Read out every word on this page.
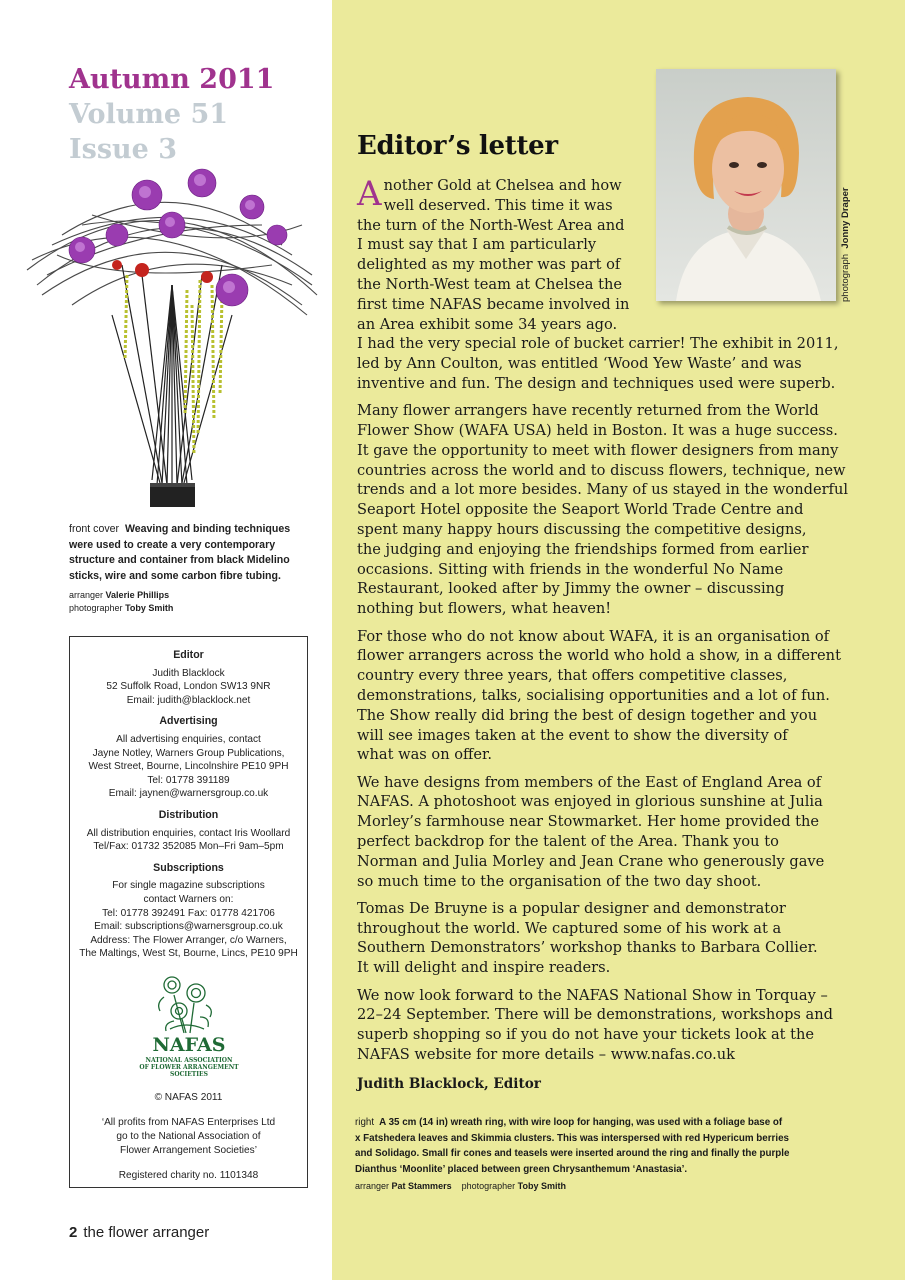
Autumn 2011
Volume 51
Issue 3
front cover Weaving and binding techniques
were used to create a very contemporary
structure and container from black Midelino
sticks, wire and some carbon fibre tubing.
arranger Valerie Phillips
photographer Toby Smith
Editor
Judith Blacklock
52 Suffolk Road, London SW13 9NR
Email: judith@blacklock.net
Advertising
All advertising enquiries, contact
Jayne Notley, Warners Group Publications,
West Street, Bourne, Lincolnshire PE10 9PH
Tel: 01778 391189
Email: jaynen@warnersgroup.co.uk
Distribution
All distribution enquiries, contact Iris Woollard
Tel/Fax: 01732 352085 Mon–Fri 9am–5pm
Subscriptions
For single magazine subscriptions
contact Warners on:
Tel: 01778 392491 Fax: 01778 421706
Email: subscriptions@warnersgroup.co.uk
Address: The Flower Arranger, c/o Warners,
The Maltings, West St, Bourne, Lincs, PE10 9PH
NAFAS
NATIONAL ASSOCIATION
OF FLOWER ARRANGEMENT
SOCIETIES
© NAFAS 2011
‘All profits from NAFAS Enterprises Ltd
go to the National Association of
Flower Arrangement Societies’
Registered charity no. 1101348
2 the flower arranger
photograph  Jonny Draper
Editor’s letter
A nother Gold at Chelsea and how
well deserved. This time it was
the turn of the North-West Area and
I must say that I am particularly
delighted as my mother was part of
the North-West team at Chelsea the
first time NAFAS became involved in
an Area exhibit some 34 years ago.
I had the very special role of bucket carrier! The exhibit in 2011,
led by Ann Coulton, was entitled ‘Wood Yew Waste’ and was
inventive and fun. The design and techniques used were superb.
Many flower arrangers have recently returned from the World
Flower Show (WAFA USA) held in Boston. It was a huge success.
It gave the opportunity to meet with flower designers from many
countries across the world and to discuss flowers, technique, new
trends and a lot more besides. Many of us stayed in the wonderful
Seaport Hotel opposite the Seaport World Trade Centre and
spent many happy hours discussing the competitive designs,
the judging and enjoying the friendships formed from earlier
occasions. Sitting with friends in the wonderful No Name
Restaurant, looked after by Jimmy the owner – discussing
nothing but flowers, what heaven!
For those who do not know about WAFA, it is an organisation of
flower arrangers across the world who hold a show, in a different
country every three years, that offers competitive classes,
demonstrations, talks, socialising opportunities and a lot of fun.
The Show really did bring the best of design together and you
will see images taken at the event to show the diversity of
what was on offer.
We have designs from members of the East of England Area of
NAFAS. A photoshoot was enjoyed in glorious sunshine at Julia
Morley’s farmhouse near Stowmarket. Her home provided the
perfect backdrop for the talent of the Area. Thank you to
Norman and Julia Morley and Jean Crane who generously gave
so much time to the organisation of the two day shoot.
Tomas De Bruyne is a popular designer and demonstrator
throughout the world. We captured some of his work at a
Southern Demonstrators’ workshop thanks to Barbara Collier.
It will delight and inspire readers.
We now look forward to the NAFAS National Show in Torquay –
22–24 September. There will be demonstrations, workshops and
superb shopping so if you do not have your tickets look at the
NAFAS website for more details – www.nafas.co.uk
Judith Blacklock, Editor
right A 35 cm (14 in) wreath ring, with wire loop for hanging, was used with a foliage base of
x Fatshedera leaves and Skimmia clusters. This was interspersed with red Hypericum berries
and Solidago. Small fir cones and teasels were inserted around the ring and finally the purple
Dianthus ‘Moonlite’ placed between green Chrysanthemum ‘Anastasia’.
arranger Pat Stammers photographer Toby Smith
